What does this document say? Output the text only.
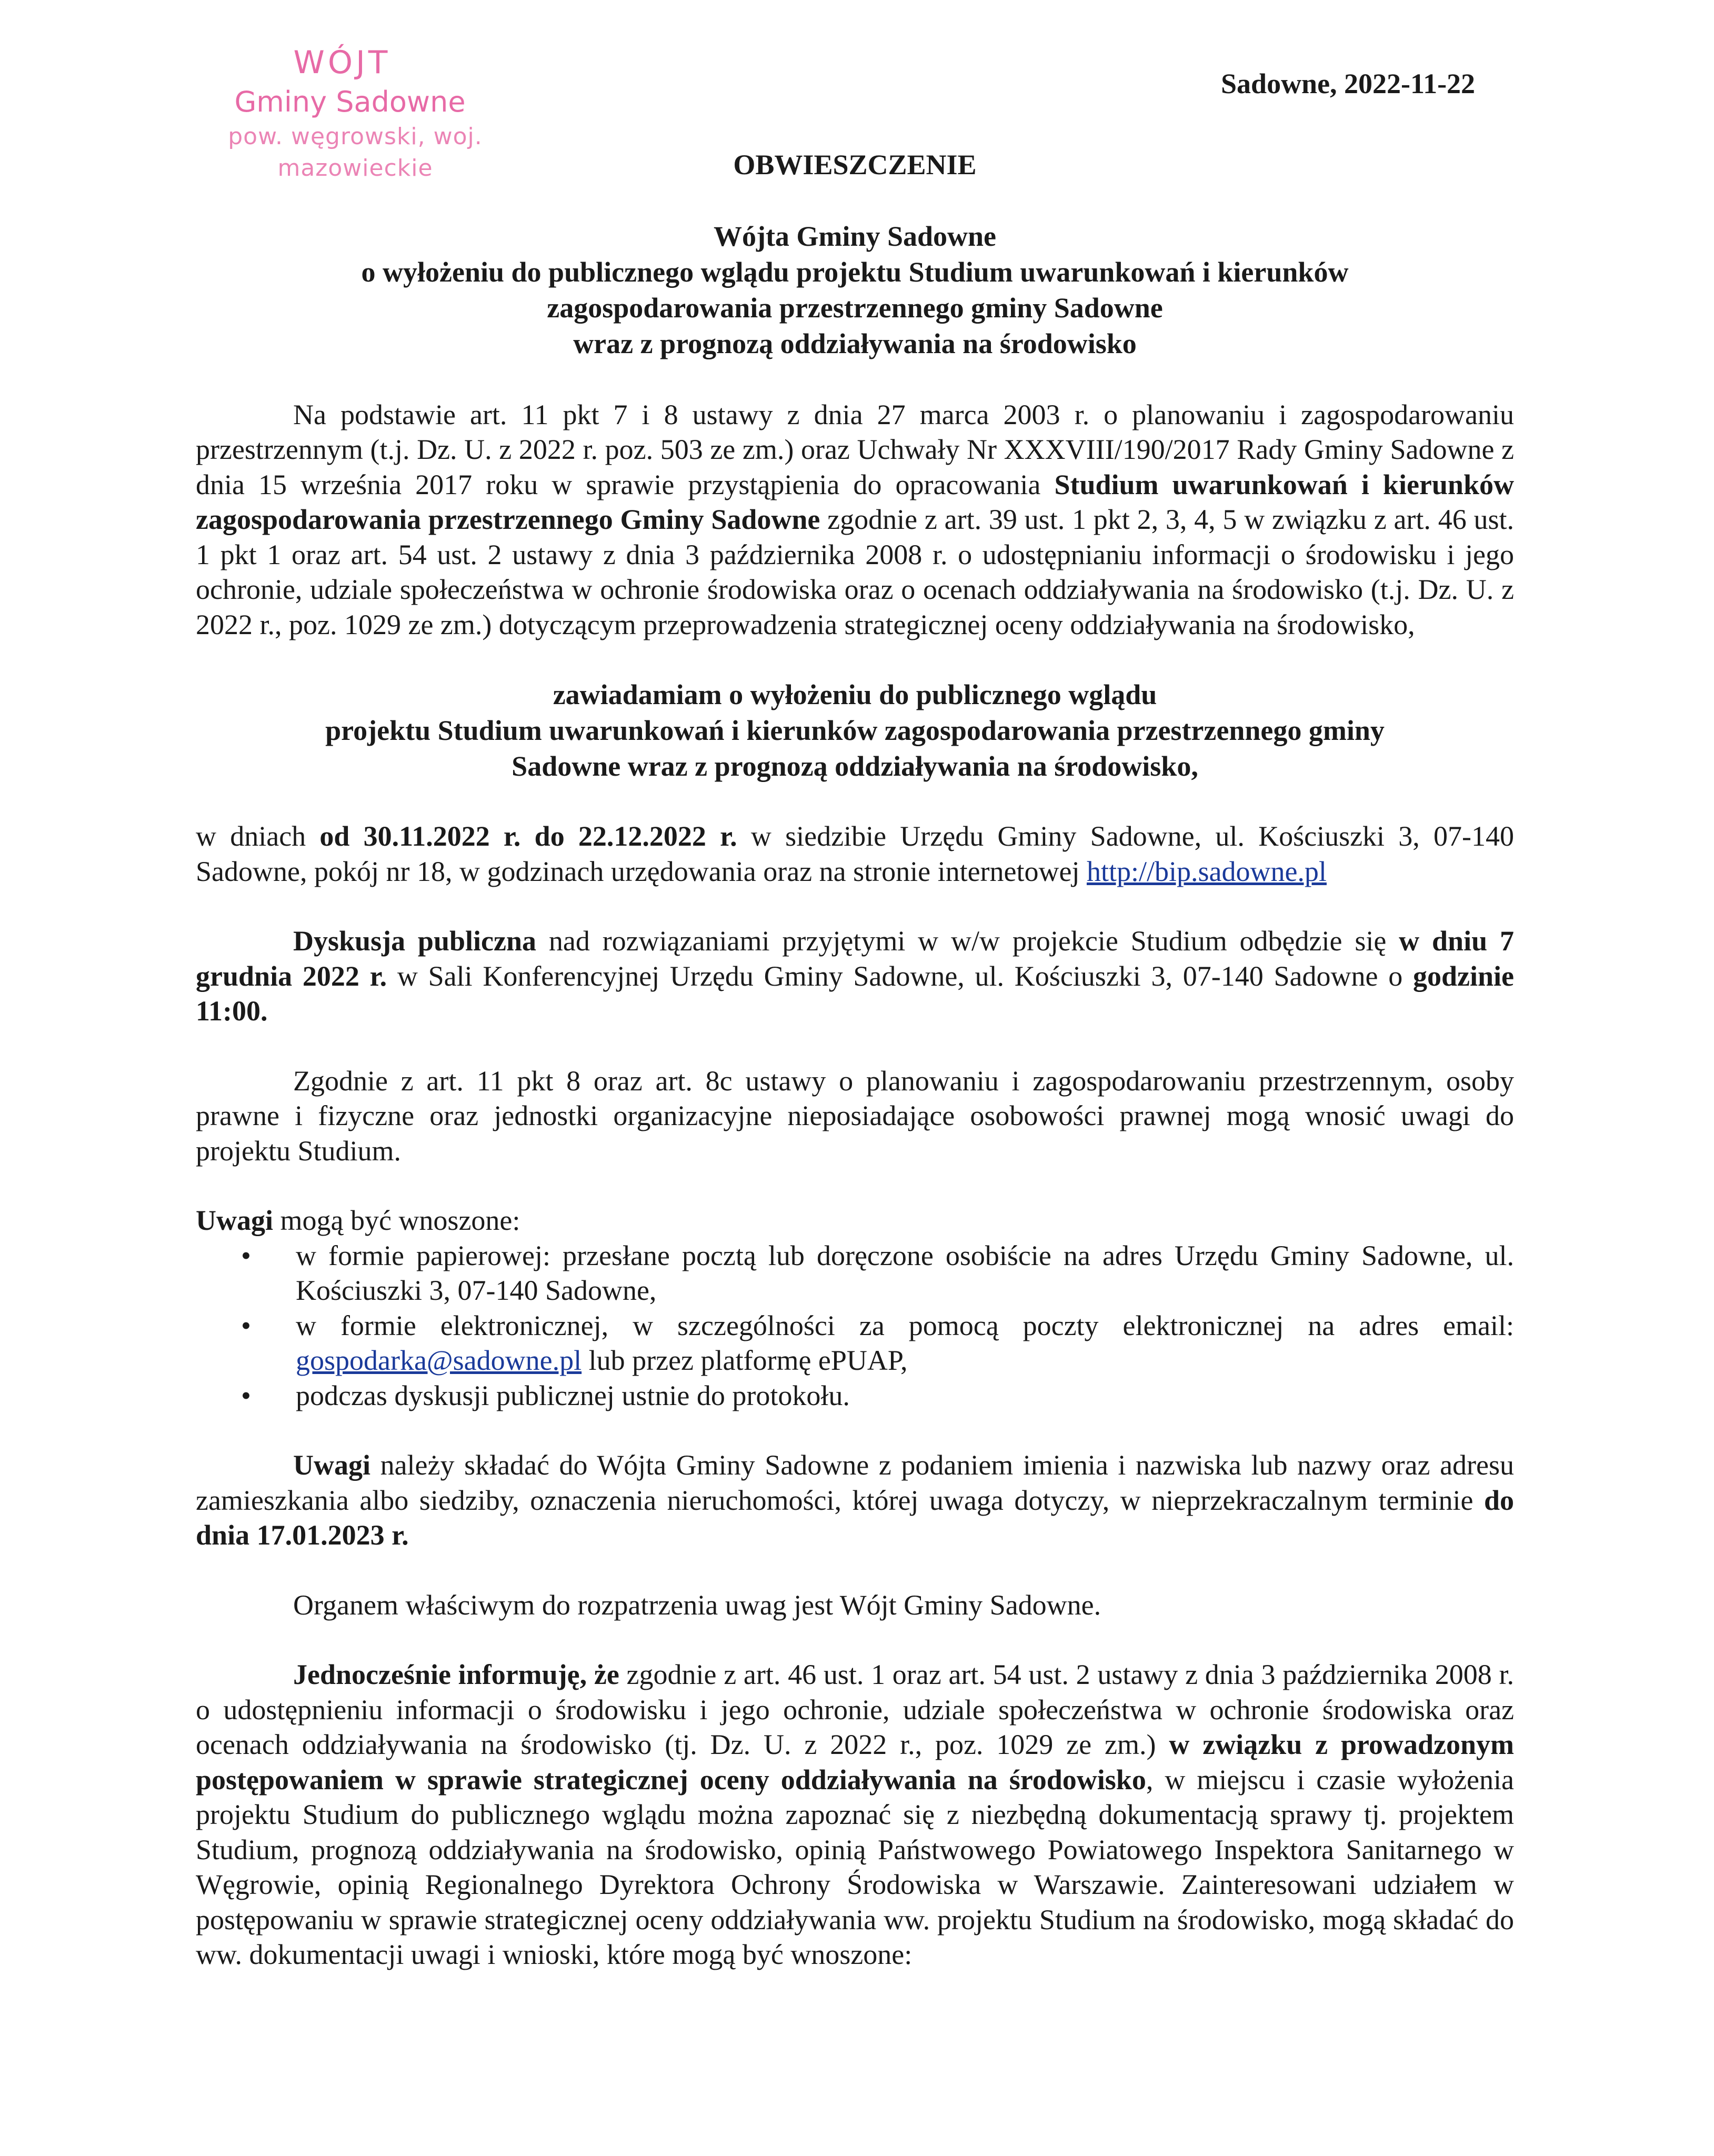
WÓJT
Gminy Sadowne
pow. węgrowski, woj. mazowieckie
Sadowne, 2022-11-22
OBWIESZCZENIE
Wójta Gminy Sadowne
o wyłożeniu do publicznego wglądu projektu Studium uwarunkowań i kierunków
zagospodarowania przestrzennego gminy Sadowne
wraz z prognozą oddziaływania na środowisko

Na podstawie art. 11 pkt 7 i 8 ustawy z dnia 27 marca 2003 r. o planowaniu i zagospodarowaniu przestrzennym (t.j. Dz. U. z 2022 r. poz. 503 ze zm.) oraz Uchwały Nr XXXVIII/190/2017 Rady Gminy Sadowne z dnia 15 września 2017 roku w sprawie przystąpienia do opracowania Studium uwarunkowań i kierunków zagospodarowania przestrzennego Gminy Sadowne zgodnie z art. 39 ust. 1 pkt 2, 3, 4, 5 w związku z art. 46 ust. 1 pkt 1 oraz art. 54 ust. 2 ustawy z dnia 3 października 2008 r. o udostępnianiu informacji o środowisku i jego ochronie, udziale społeczeństwa w ochronie środowiska oraz o ocenach oddziaływania na środowisko (t.j. Dz. U. z 2022 r., poz. 1029 ze zm.) dotyczącym przeprowadzenia strategicznej oceny oddziaływania na środowisko,

zawiadamiam o wyłożeniu do publicznego wglądu
projektu Studium uwarunkowań i kierunków zagospodarowania przestrzennego gminy
Sadowne wraz z prognozą oddziaływania na środowisko,

w dniach od 30.11.2022 r. do 22.12.2022 r. w siedzibie Urzędu Gminy Sadowne, ul. Kościuszki 3, 07-140 Sadowne, pokój nr 18, w godzinach urzędowania oraz na stronie internetowej http://bip.sadowne.pl

Dyskusja publiczna nad rozwiązaniami przyjętymi w w/w projekcie Studium odbędzie się w dniu 7 grudnia 2022 r. w Sali Konferencyjnej Urzędu Gminy Sadowne, ul. Kościuszki 3, 07-140 Sadowne o godzinie 11:00.

Zgodnie z art. 11 pkt 8 oraz art. 8c ustawy o planowaniu i zagospodarowaniu przestrzennym, osoby prawne i fizyczne oraz jednostki organizacyjne nieposiadające osobowości prawnej mogą wnosić uwagi do projektu Studium.

Uwagi mogą być wnoszone:
• w formie papierowej: przesłane pocztą lub doręczone osobiście na adres Urzędu Gminy Sadowne, ul. Kościuszki 3, 07-140 Sadowne,
• w formie elektronicznej, w szczególności za pomocą poczty elektronicznej na adres email: gospodarka@sadowne.pl lub przez platformę ePUAP,
• podczas dyskusji publicznej ustnie do protokołu.

Uwagi należy składać do Wójta Gminy Sadowne z podaniem imienia i nazwiska lub nazwy oraz adresu zamieszkania albo siedziby, oznaczenia nieruchomości, której uwaga dotyczy, w nieprzekraczalnym terminie do dnia 17.01.2023 r.

Organem właściwym do rozpatrzenia uwag jest Wójt Gminy Sadowne.

Jednocześnie informuję, że zgodnie z art. 46 ust. 1 oraz art. 54 ust. 2 ustawy z dnia 3 października 2008 r. o udostępnieniu informacji o środowisku i jego ochronie, udziale społeczeństwa w ochronie środowiska oraz ocenach oddziaływania na środowisko (tj. Dz. U. z 2022 r., poz. 1029 ze zm.) w związku z prowadzonym postępowaniem w sprawie strategicznej oceny oddziaływania na środowisko, w miejscu i czasie wyłożenia projektu Studium do publicznego wglądu można zapoznać się z niezbędną dokumentacją sprawy tj. projektem Studium, prognozą oddziaływania na środowisko, opinią Państwowego Powiatowego Inspektora Sanitarnego w Węgrowie, opinią Regionalnego Dyrektora Ochrony Środowiska w Warszawie. Zainteresowani udziałem w postępowaniu w sprawie strategicznej oceny oddziaływania ww. projektu Studium na środowisko, mogą składać do ww. dokumentacji uwagi i wnioski, które mogą być wnoszone:
